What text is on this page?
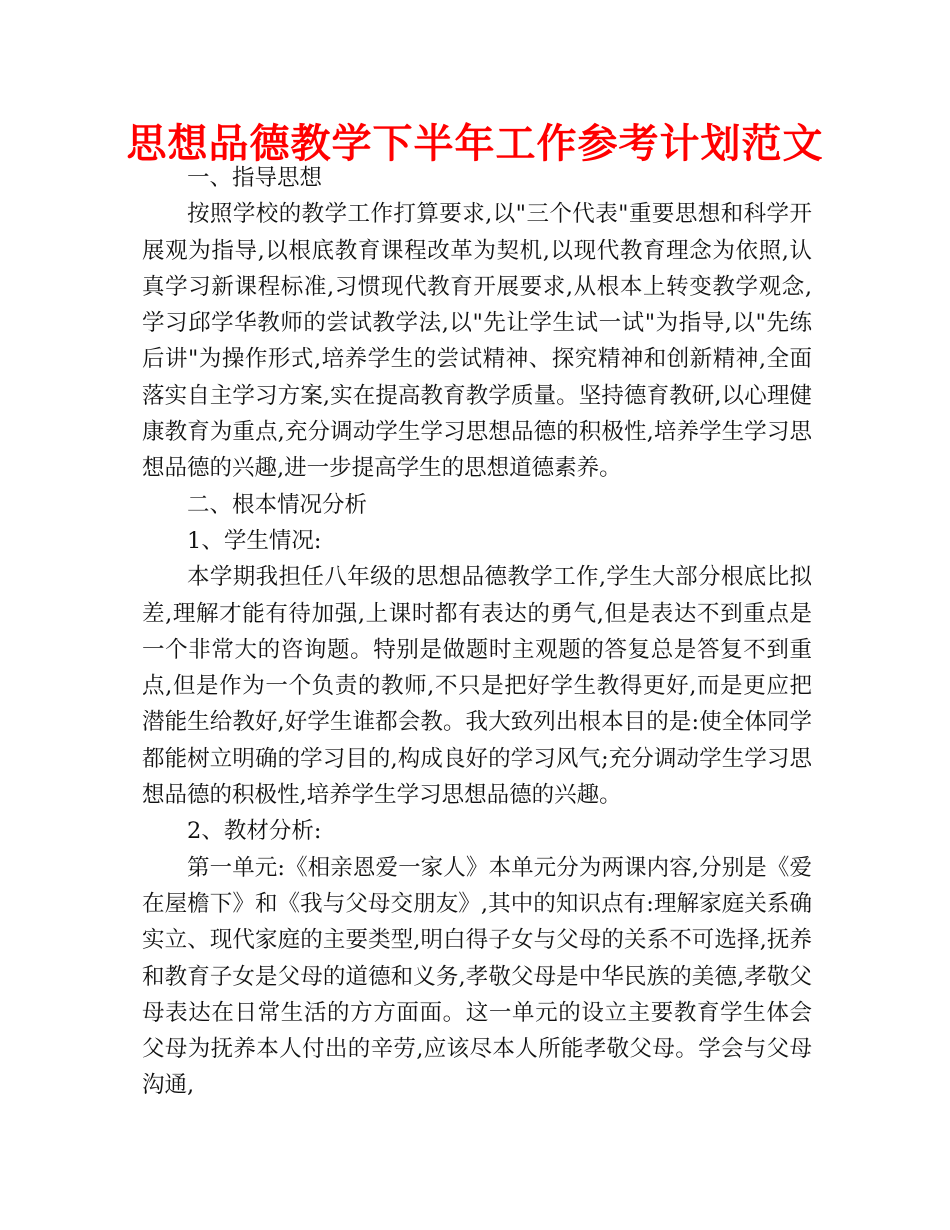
思想品德教学下半年工作参考计划范文

一、指导思想

按照学校的教学工作打算要求,以"三个代表"重要思想和科学开展观为指导,以根底教育课程改革为契机,以现代教育理念为依照,认真学习新课程标准,习惯现代教育开展要求,从根本上转变教学观念,学习邱学华教师的尝试教学法,以"先让学生试一试"为指导,以"先练后讲"为操作形式,培养学生的尝试精神、探究精神和创新精神,全面落实自主学习方案,实在提高教育教学质量。坚持德育教研,以心理健康教育为重点,充分调动学生学习思想品德的积极性,培养学生学习思想品德的兴趣,进一步提高学生的思想道德素养。

二、根本情况分析

1、学生情况:

本学期我担任八年级的思想品德教学工作,学生大部分根底比拟差,理解才能有待加强,上课时都有表达的勇气,但是表达不到重点是一个非常大的咨询题。特别是做题时主观题的答复总是答复不到重点,但是作为一个负责的教师,不只是把好学生教得更好,而是更应把潜能生给教好,好学生谁都会教。我大致列出根本目的是:使全体同学都能树立明确的学习目的,构成良好的学习风气;充分调动学生学习思想品德的积极性,培养学生学习思想品德的兴趣。

2、教材分析:

第一单元:《相亲恩爱一家人》本单元分为两课内容,分别是《爱在屋檐下》和《我与父母交朋友》,其中的知识点有:理解家庭关系确实立、现代家庭的主要类型,明白得子女与父母的关系不可选择,抚养和教育子女是父母的道德和义务,孝敬父母是中华民族的美德,孝敬父母表达在日常生活的方方面面。这一单元的设立主要教育学生体会父母为抚养本人付出的辛劳,应该尽本人所能孝敬父母。学会与父母沟通,
